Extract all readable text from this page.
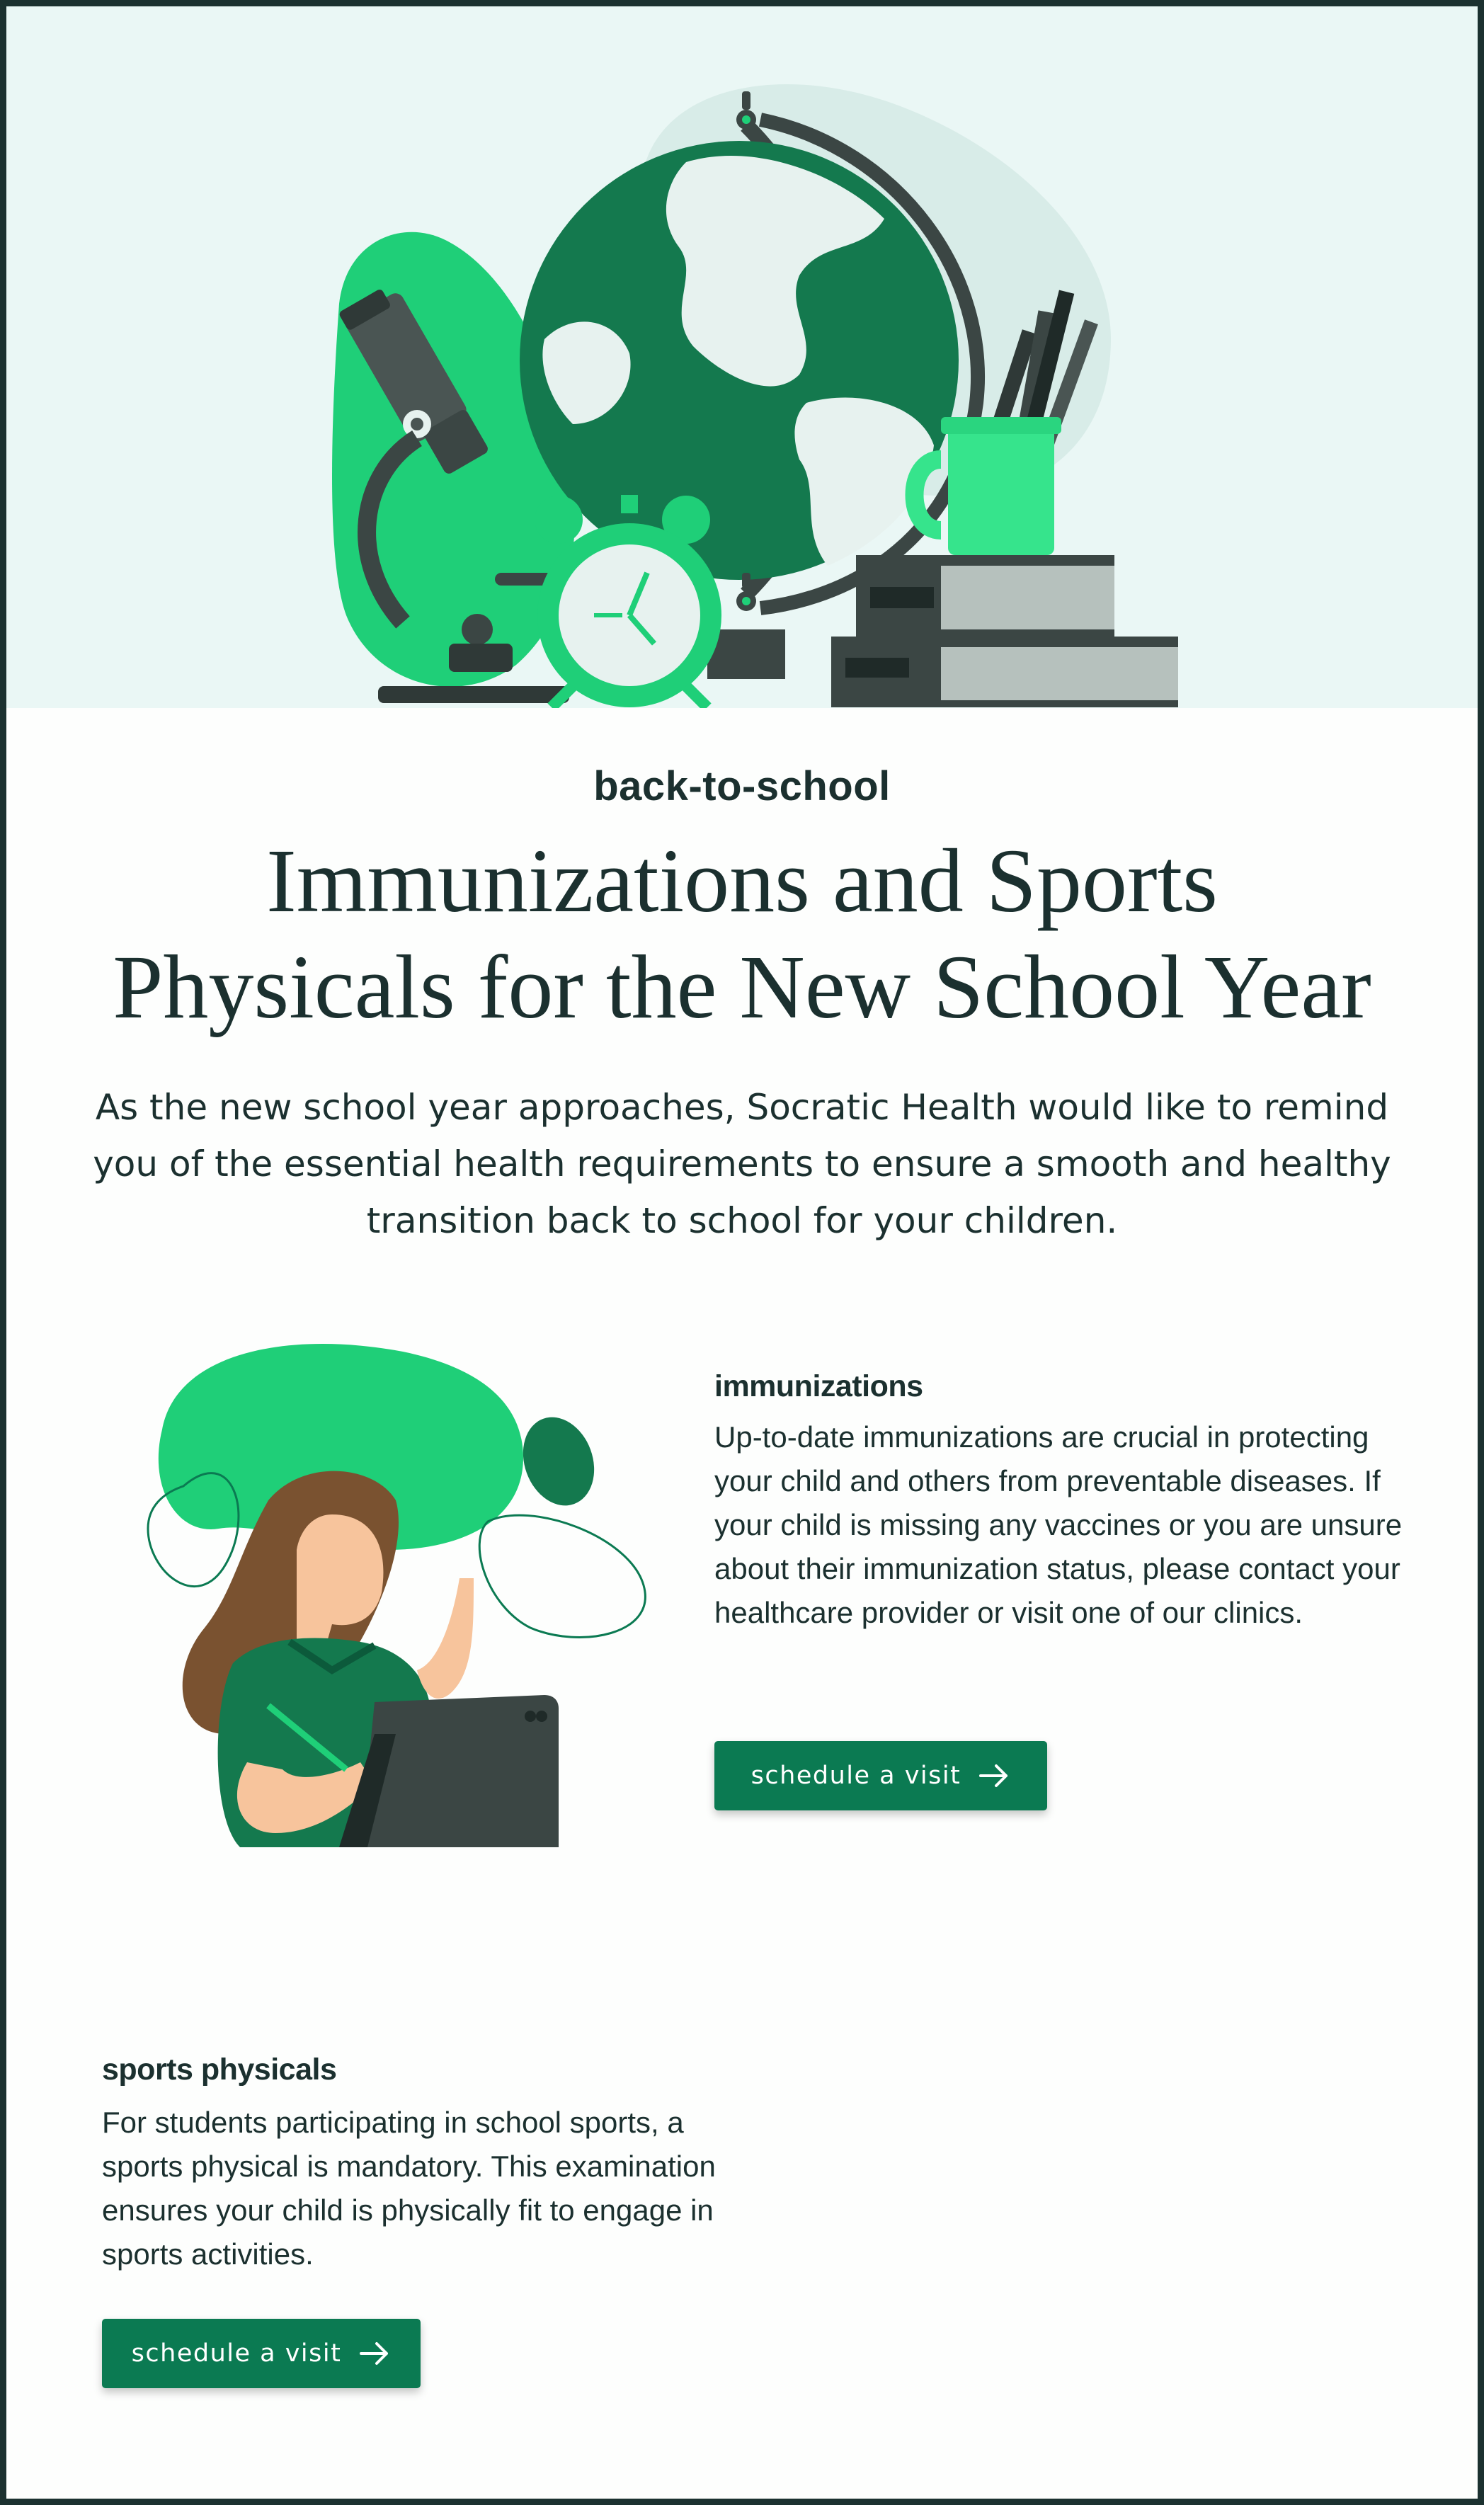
back-to-school
Immunizations and Sports
Physicals for the New School Year
As the new school year approaches, Socratic Health would like to remind you of the essential health requirements to ensure a smooth and healthy transition back to school for your children.
immunizations
Up-to-date immunizations are crucial in protecting your child and others from preventable diseases. If your child is missing any vaccines or you are unsure about their immunization status, please contact your healthcare provider or visit one of our clinics.
schedule a visit
sports physicals
For students participating in school sports, a sports physical is mandatory. This examination ensures your child is physically fit to engage in sports activities.
schedule a visit
